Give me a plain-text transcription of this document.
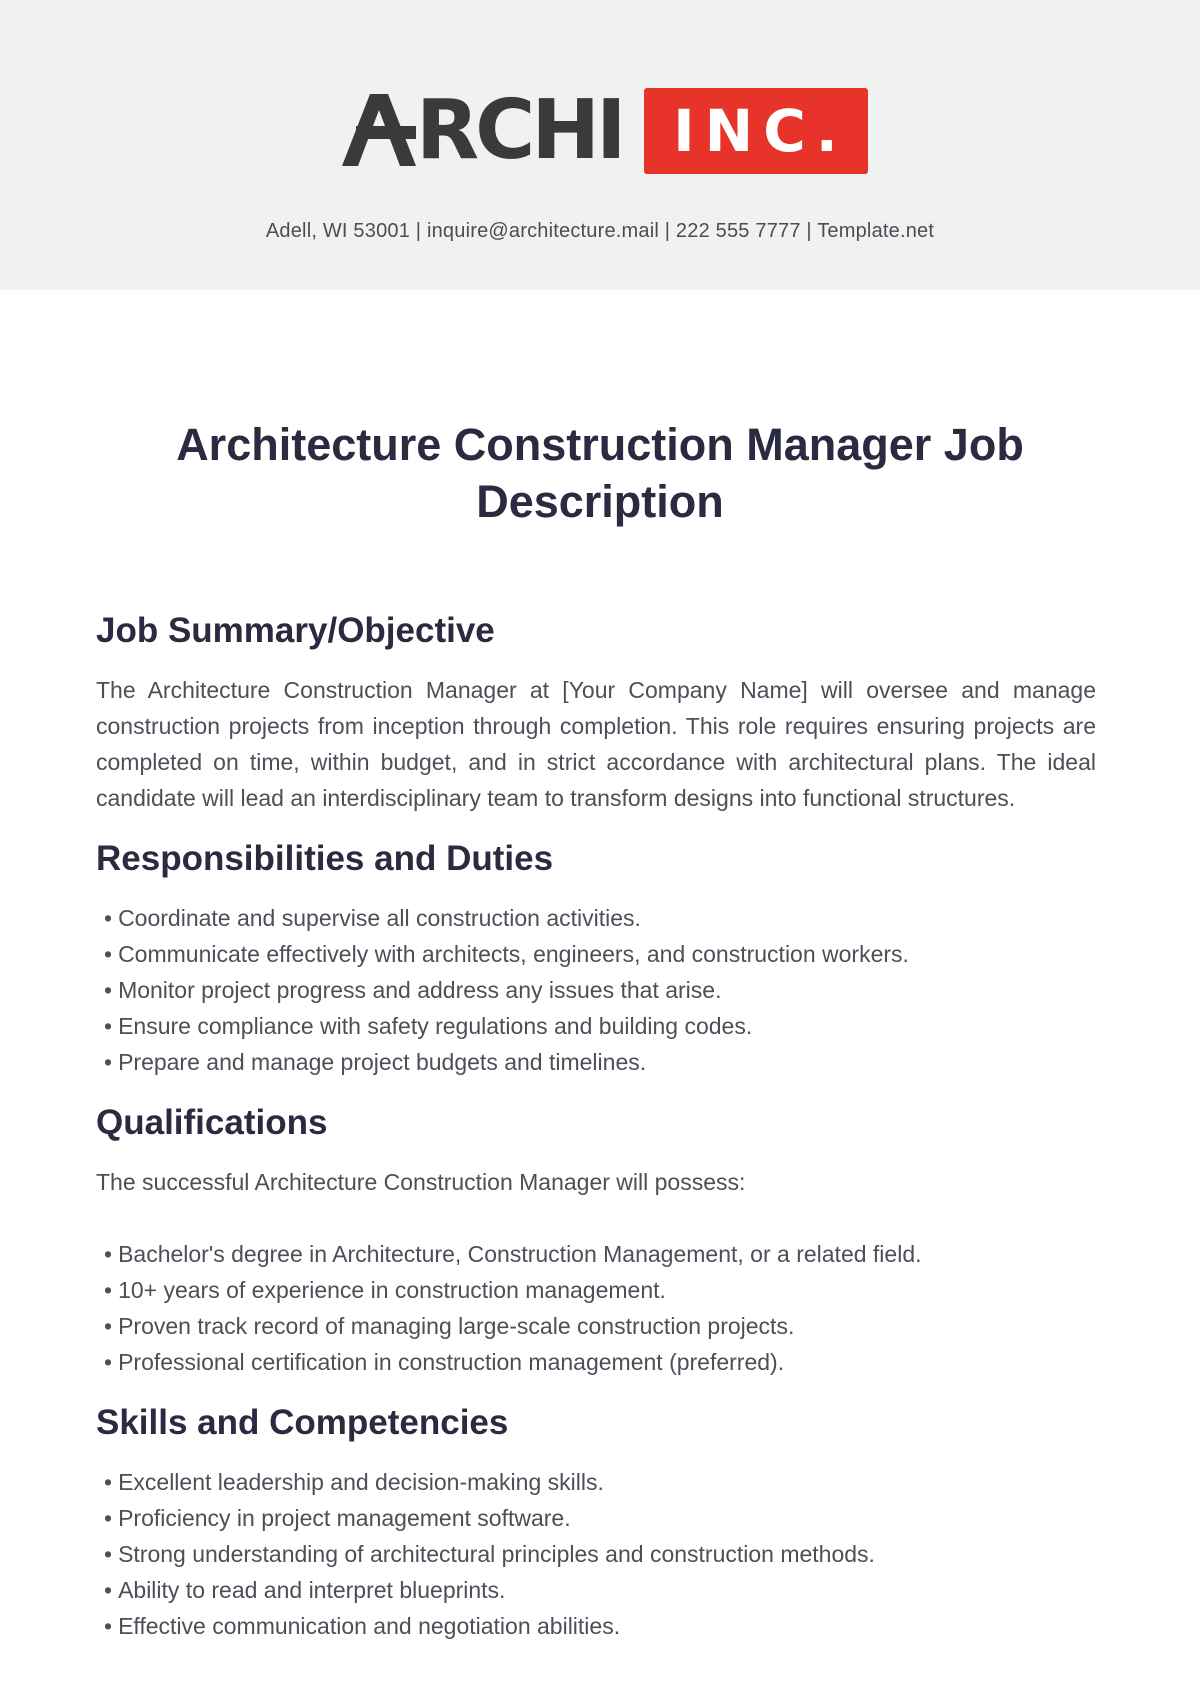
RCHI INC.
Adell, WI 53001 | inquire@architecture.mail | 222 555 7777 | Template.net
Architecture Construction Manager Job Description
Job Summary/Objective

The Architecture Construction Manager at [Your Company Name] will oversee and manage construction projects from inception through completion. This role requires ensuring projects are completed on time, within budget, and in strict accordance with architectural plans. The ideal candidate will lead an interdisciplinary team to transform designs into functional structures.

Responsibilities and Duties
• Coordinate and supervise all construction activities.
• Communicate effectively with architects, engineers, and construction workers.
• Monitor project progress and address any issues that arise.
• Ensure compliance with safety regulations and building codes.
• Prepare and manage project budgets and timelines.
Qualifications

The successful Architecture Construction Manager will possess:

• Bachelor's degree in Architecture, Construction Management, or a related field.
• 10+ years of experience in construction management.
• Proven track record of managing large-scale construction projects.
• Professional certification in construction management (preferred).
Skills and Competencies
• Excellent leadership and decision-making skills.
• Proficiency in project management software.
• Strong understanding of architectural principles and construction methods.
• Ability to read and interpret blueprints.
• Effective communication and negotiation abilities.
